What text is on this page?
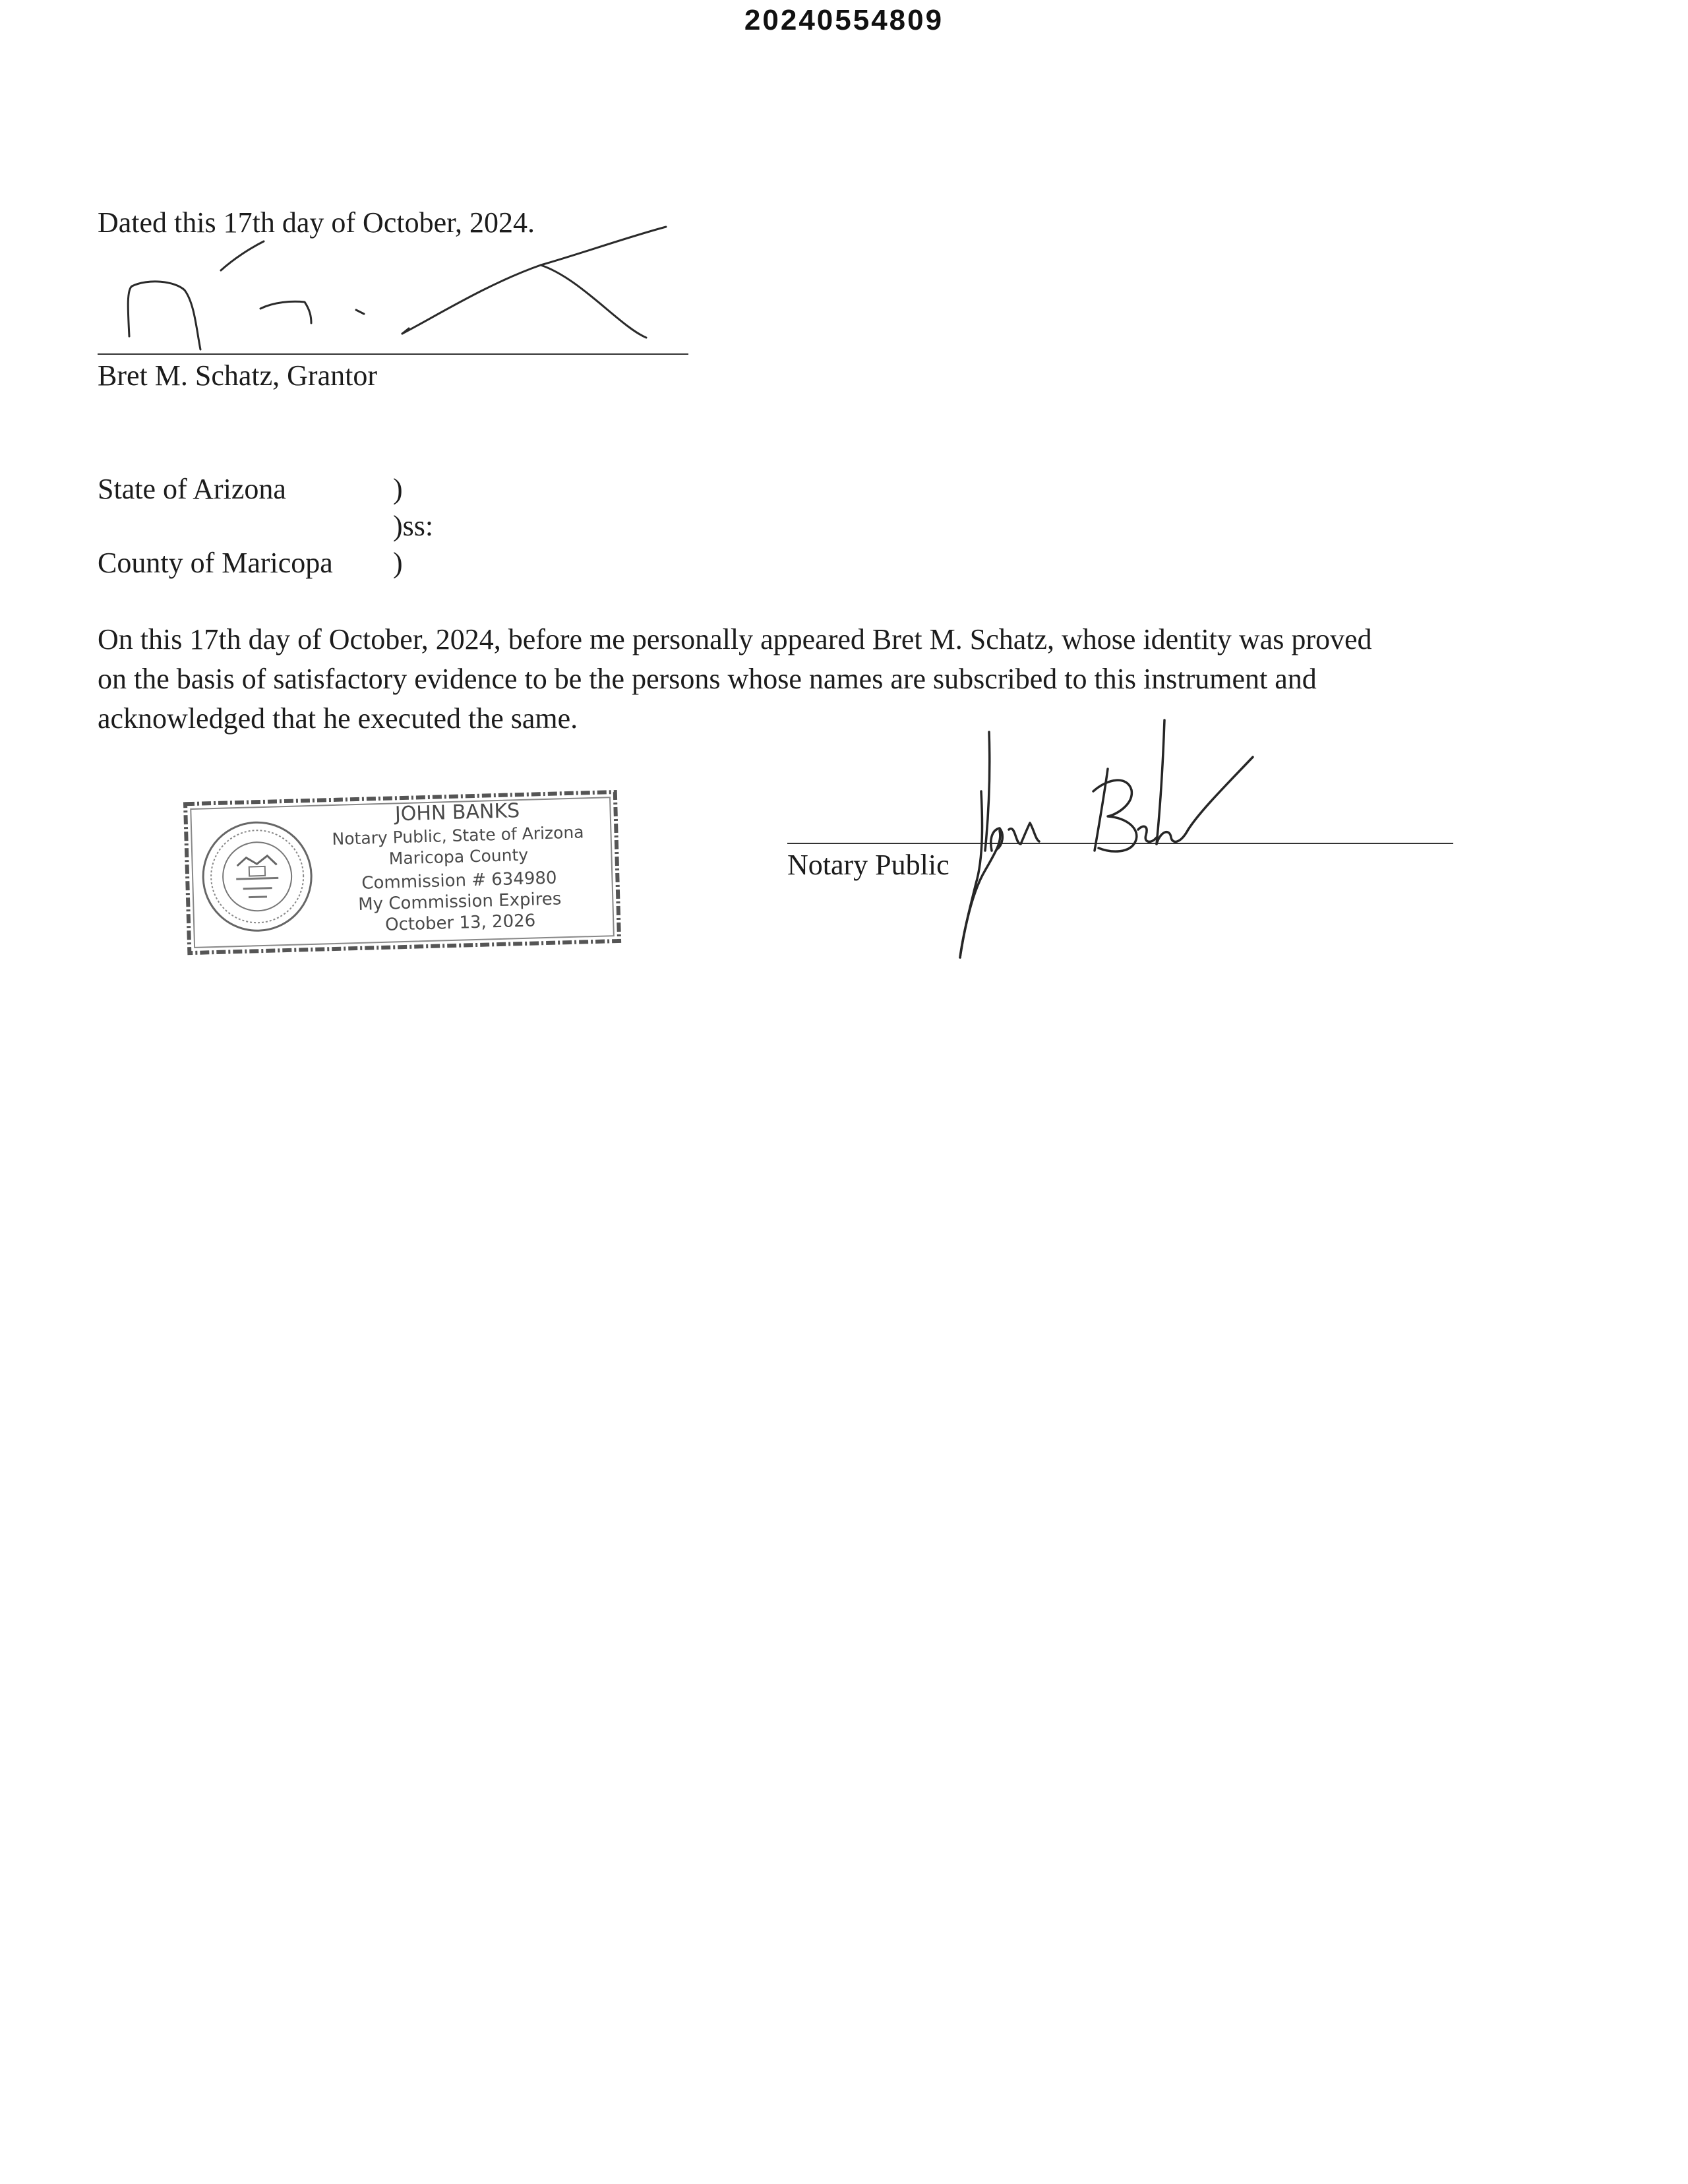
20240554809
Dated this 17th day of October, 2024.
Bret M. Schatz, Grantor
State of Arizona	)
)ss:
County of Maricopa )
On this 17th day of October, 2024, before me personally appeared Bret M. Schatz, whose identity was proved
on the basis of satisfactory evidence to be the persons whose names are subscribed to this instrument and
acknowledged that he executed the same.
JOHN BANKS
Notary Public, State of Arizona
Maricopa County
Commission # 634980
My Commission Expires
October 13, 2026
Notary Public
